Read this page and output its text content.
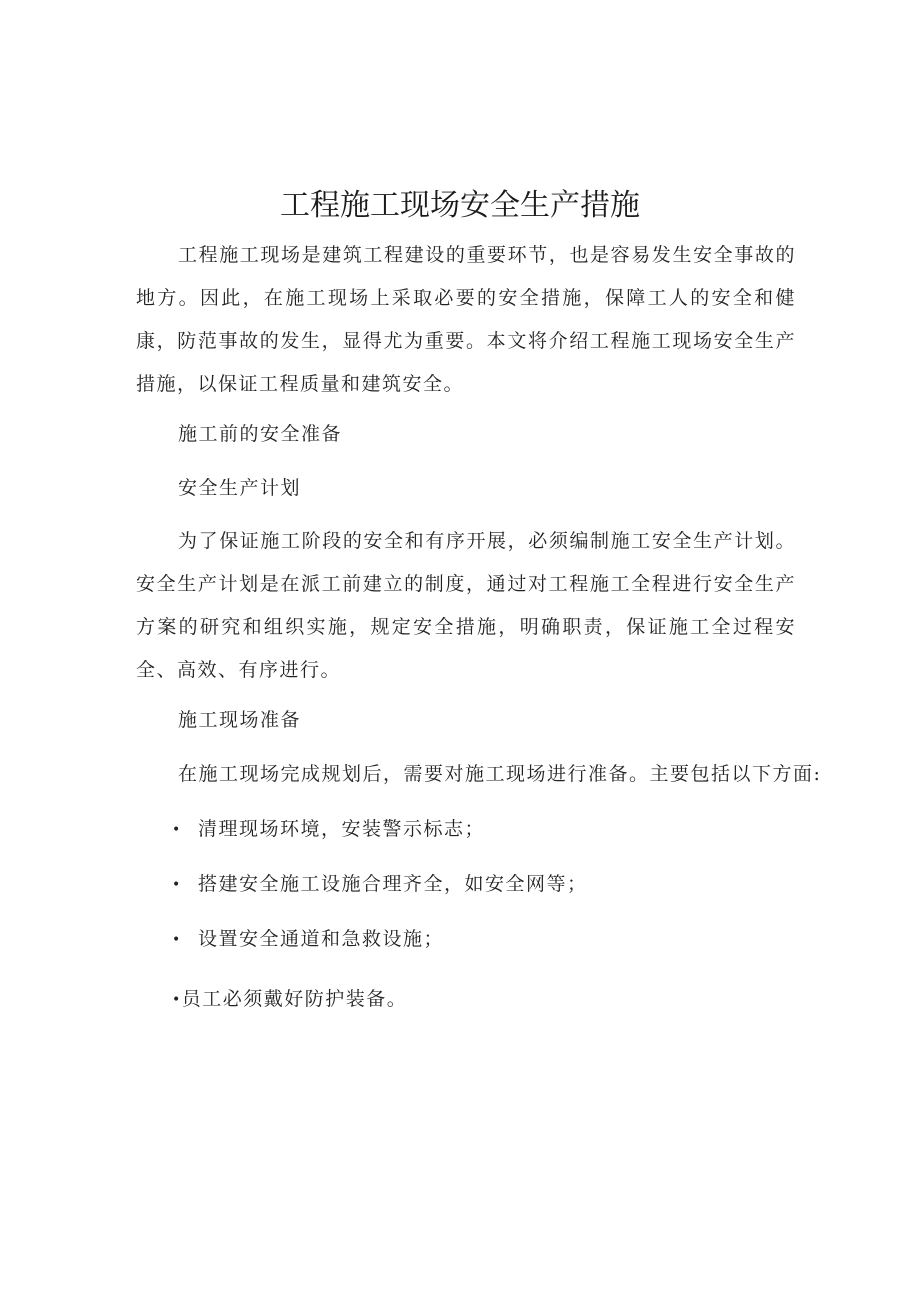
工程施工现场安全生产措施

工程施工现场是建筑工程建设的重要环节，也是容易发生安全事故的地方。因此，在施工现场上采取必要的安全措施，保障工人的安全和健康，防范事故的发生，显得尤为重要。本文将介绍工程施工现场安全生产措施，以保证工程质量和建筑安全。

施工前的安全准备

安全生产计划

为了保证施工阶段的安全和有序开展，必须编制施工安全生产计划。安全生产计划是在派工前建立的制度，通过对工程施工全程进行安全生产方案的研究和组织实施，规定安全措施，明确职责，保证施工全过程安全、高效、有序进行。

施工现场准备

在施工现场完成规划后，需要对施工现场进行准备。主要包括以下方面:

• 清理现场环境，安装警示标志；

• 搭建安全施工设施合理齐全，如安全网等；

• 设置安全通道和急救设施；

•员工必须戴好防护装备。
